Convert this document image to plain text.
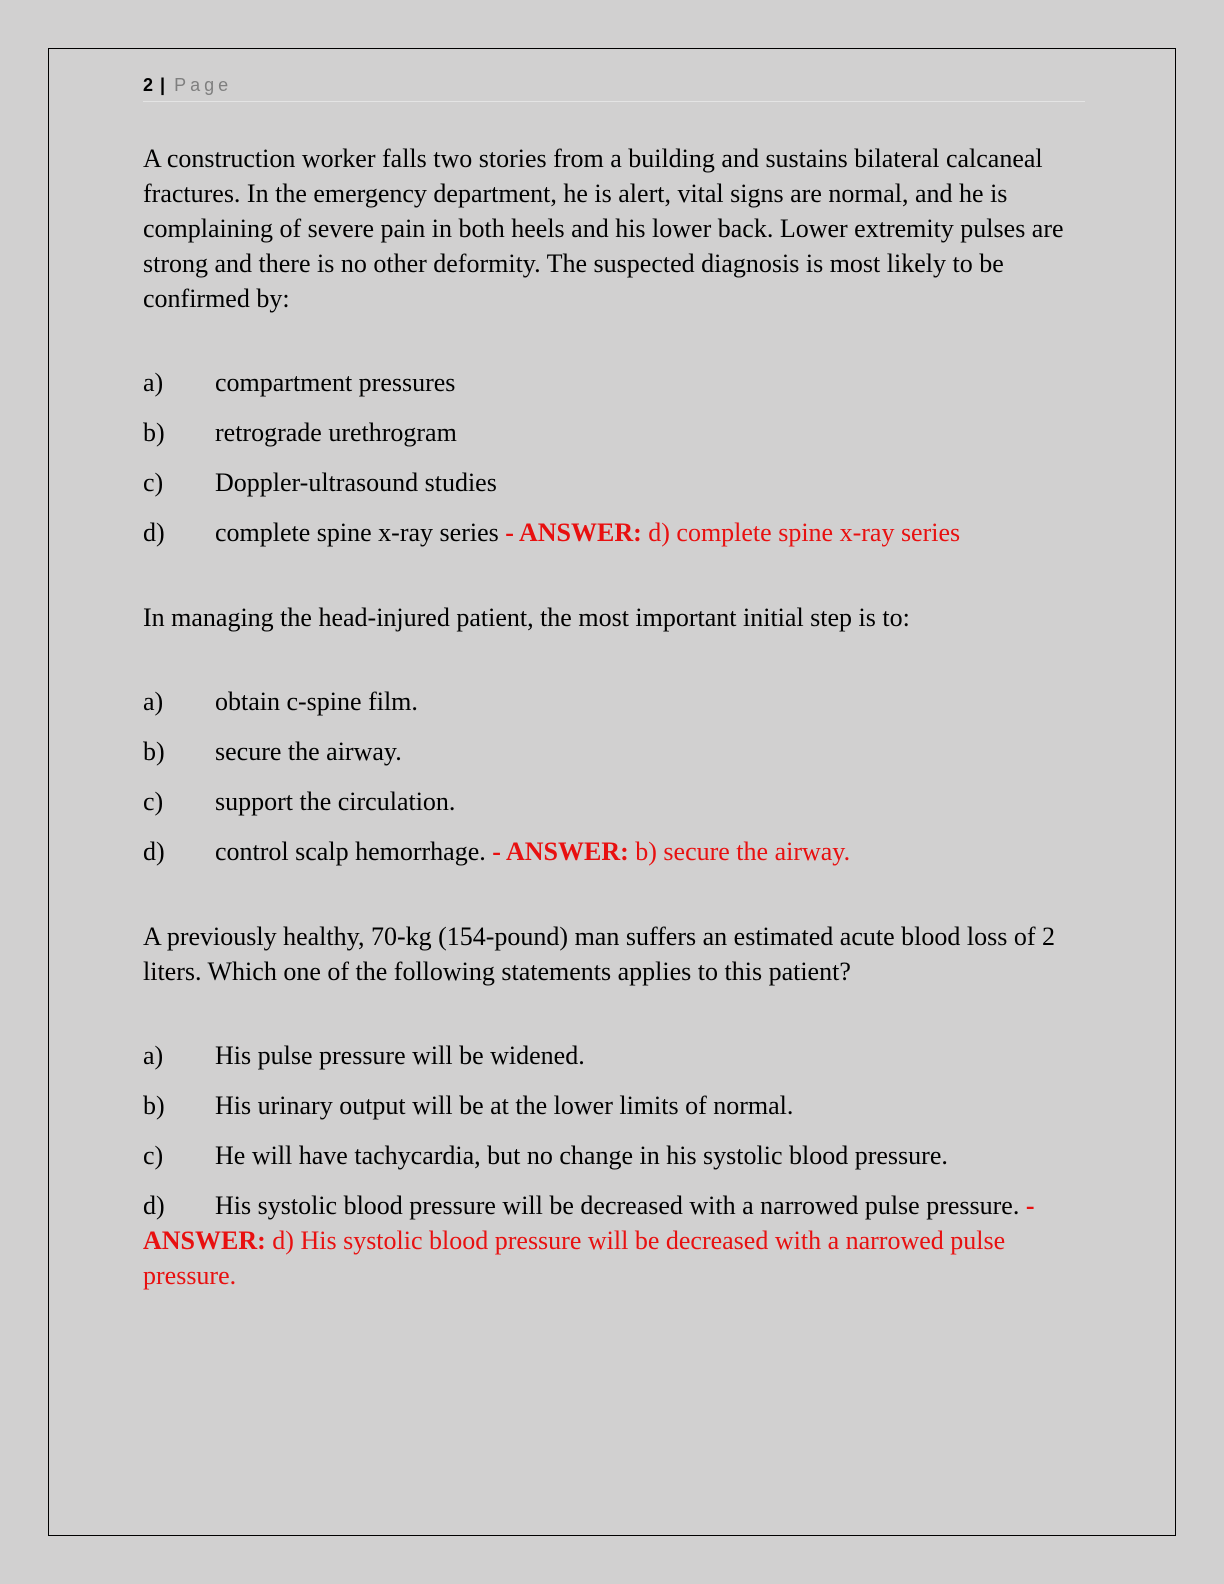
2 | Page

A construction worker falls two stories from a building and sustains bilateral calcaneal fractures. In the emergency department, he is alert, vital signs are normal, and he is complaining of severe pain in both heels and his lower back. Lower extremity pulses are strong and there is no other deformity. The suspected diagnosis is most likely to be confirmed by:

a) compartment pressures
b) retrograde urethrogram
c) Doppler-ultrasound studies
d) complete spine x-ray series - ANSWER: d) complete spine x-ray series

In managing the head-injured patient, the most important initial step is to:

a) obtain c-spine film.
b) secure the airway.
c) support the circulation.
d) control scalp hemorrhage. - ANSWER: b) secure the airway.

A previously healthy, 70-kg (154-pound) man suffers an estimated acute blood loss of 2 liters. Which one of the following statements applies to this patient?

a) His pulse pressure will be widened.
b) His urinary output will be at the lower limits of normal.
c) He will have tachycardia, but no change in his systolic blood pressure.
d) His systolic blood pressure will be decreased with a narrowed pulse pressure. - ANSWER: d) His systolic blood pressure will be decreased with a narrowed pulse pressure.
